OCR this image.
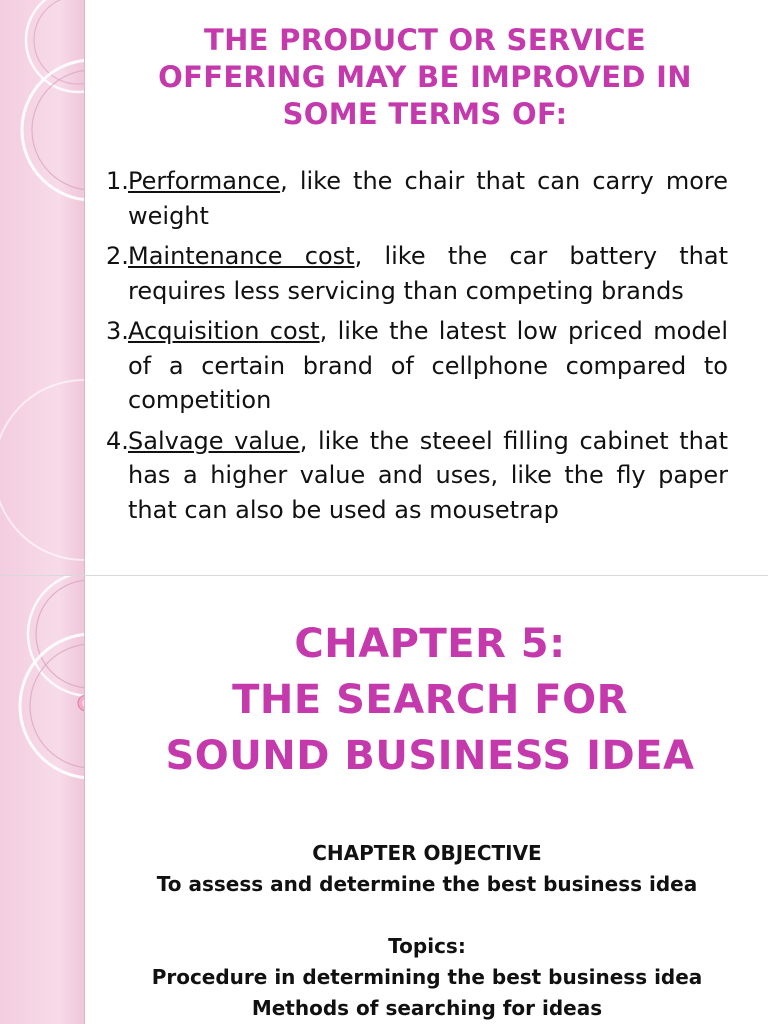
THE PRODUCT OR SERVICE
OFFERING MAY BE IMPROVED IN
SOME TERMS OF:
1. Performance, like the chair that can carry more weight
2. Maintenance cost, like the car battery that requires less servicing than competing brands
3. Acquisition cost, like the latest low priced model of a certain brand of cellphone compared to competition
4. Salvage value, like the steeel filling cabinet that has a higher value and uses, like the fly paper that can also be used as mousetrap
CHAPTER 5:
THE SEARCH FOR
SOUND BUSINESS IDEA
CHAPTER OBJECTIVE
To assess and determine the best business idea
Topics:
Procedure in determining the best business idea
Methods of searching for ideas
